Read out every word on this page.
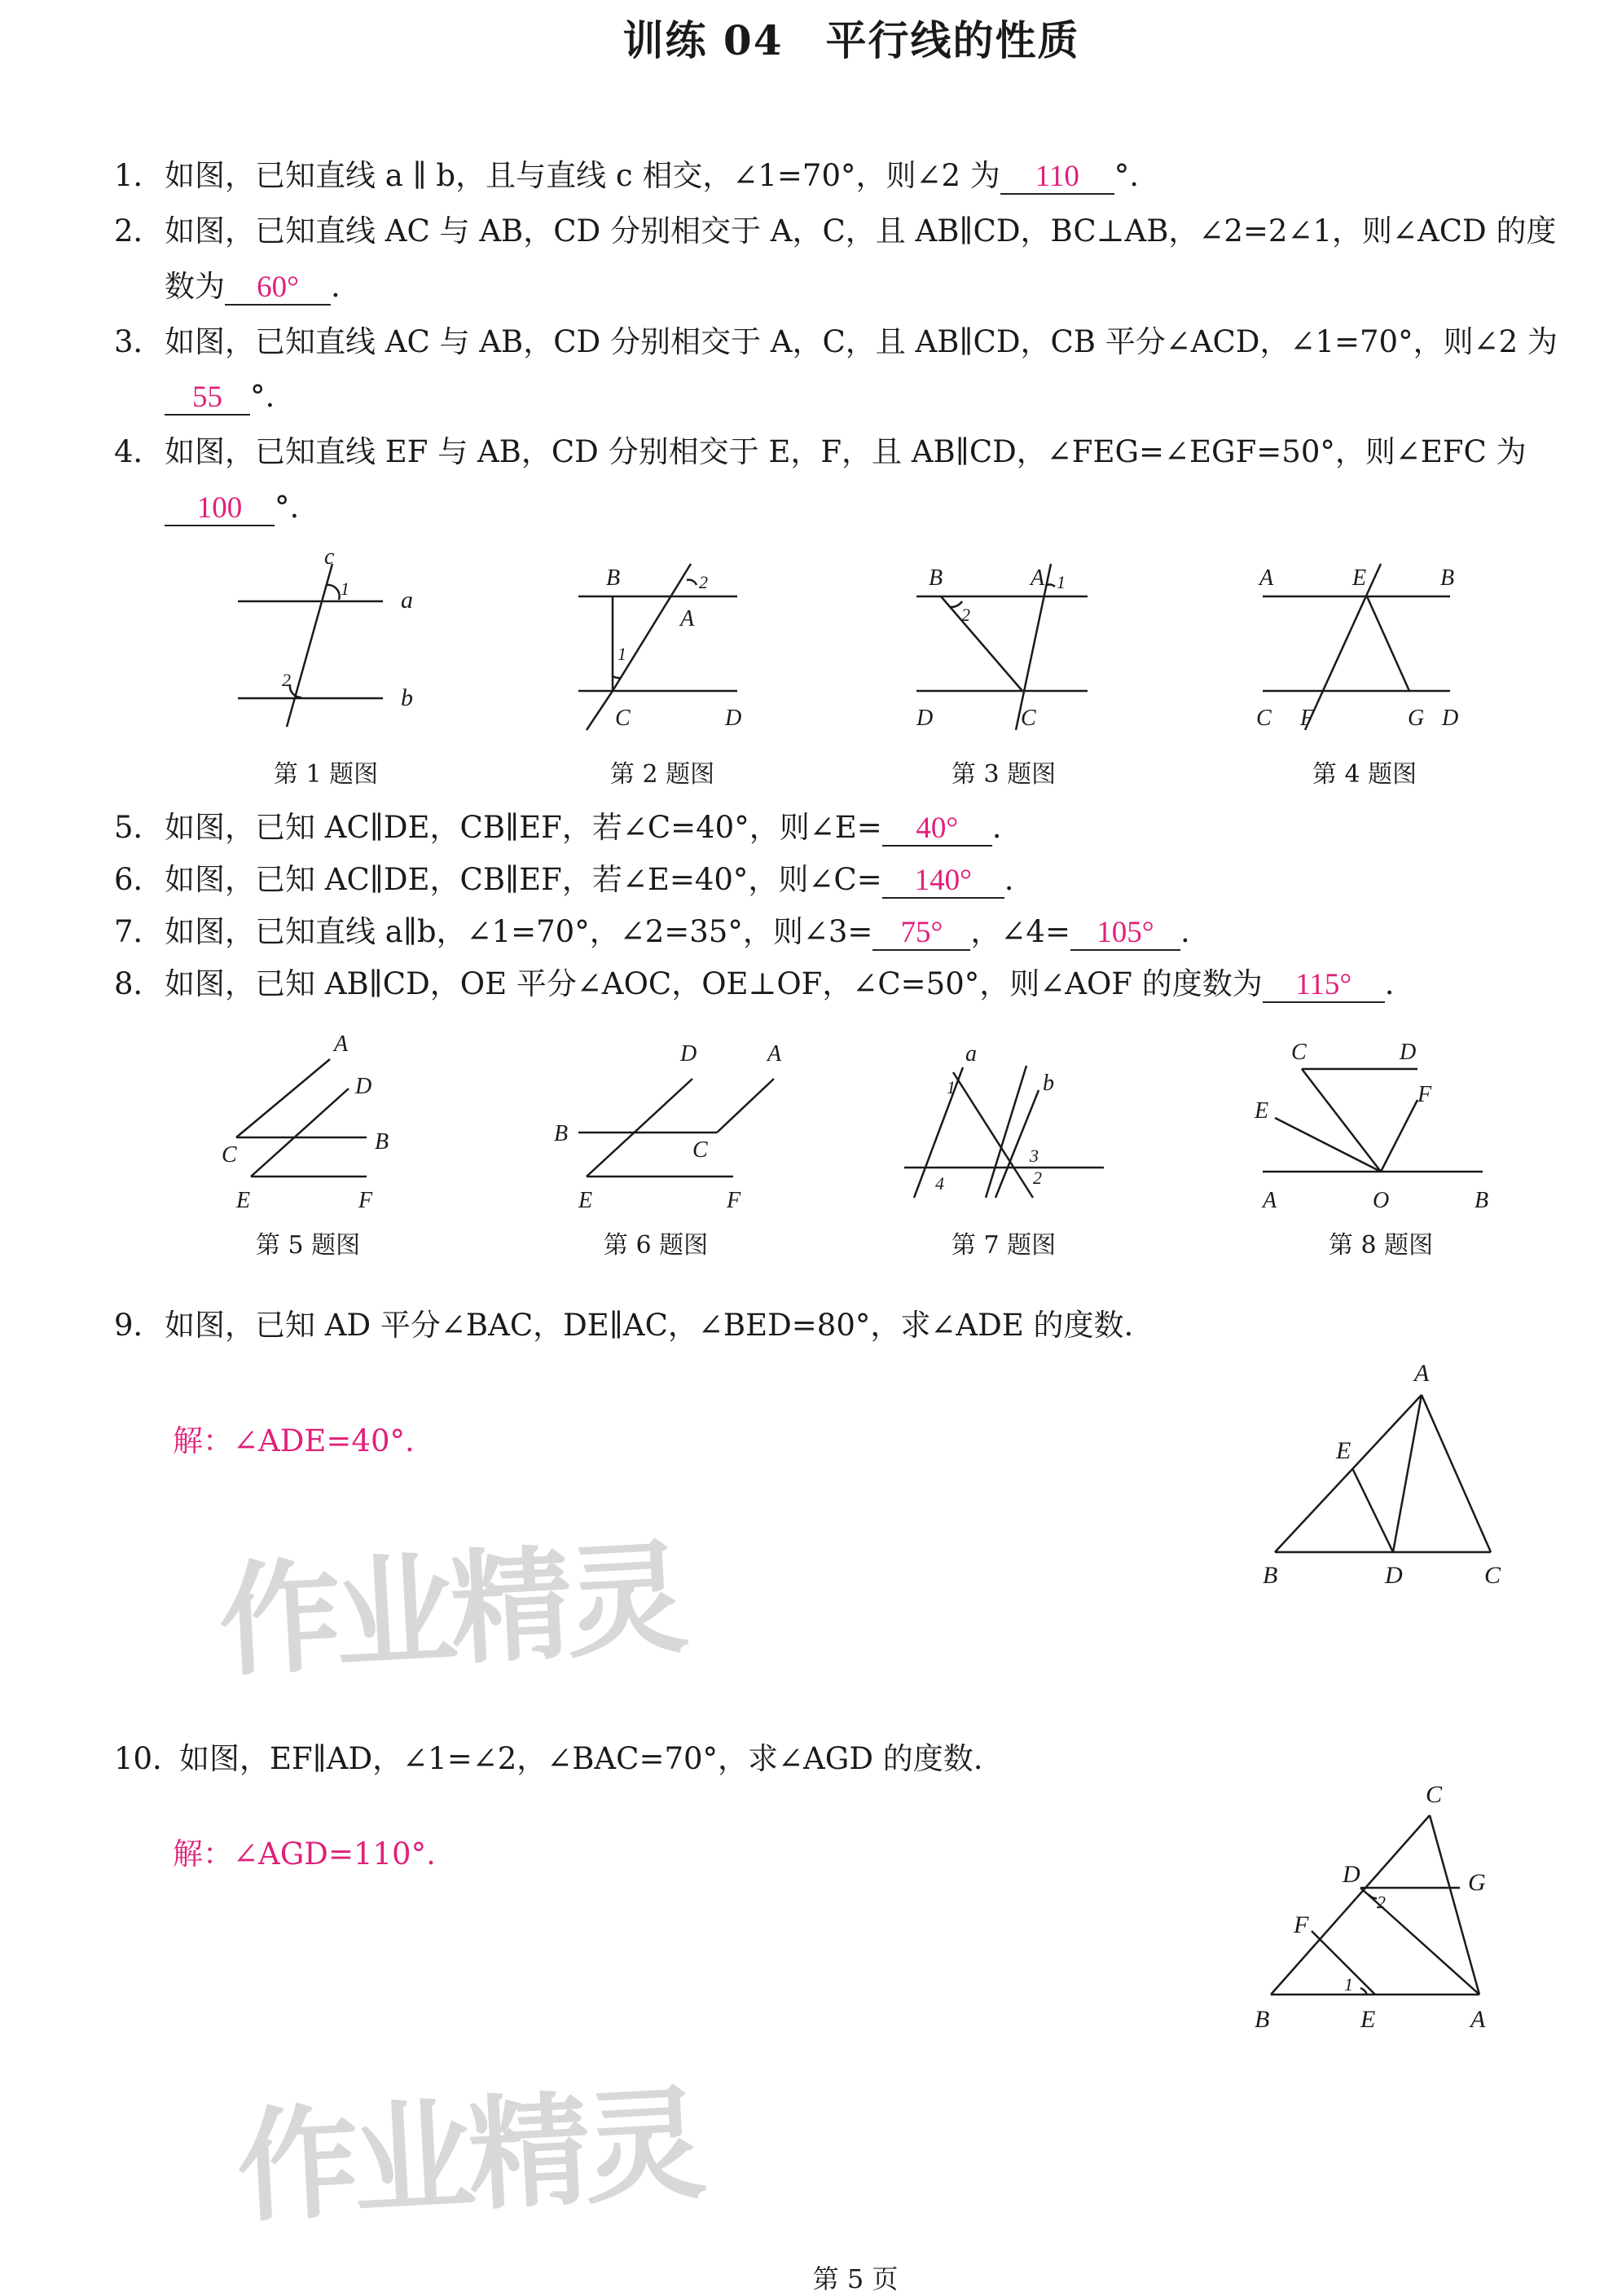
训练 04　平行线的性质
1．如图，已知直线 a ∥ b，且与直线 c 相交，∠1=70°，则∠2 为 110 °.
2．如图，已知直线 AC 与 AB，CD 分别相交于 A，C，且 AB∥CD，BC⊥AB，∠2=2∠1，则∠ACD 的度
数为 60° .
3．如图，已知直线 AC 与 AB，CD 分别相交于 A，C，且 AB∥CD，CB 平分∠ACD，∠1=70°，则∠2 为
55 °.
4．如图，已知直线 EF 与 AB，CD 分别相交于 E，F，且 AB∥CD，∠FEG=∠EGF=50°，则∠EFC 为
100 °.
c
1 a
2
b
B	2
A
1
C	D
B	A 1
2
D	C
A	E	B
C F	G D
第 1 题图	第 2 题图	第 3 题图	第 4 题图
5．如图，已知 AC∥DE，CB∥EF，若∠C=40°，则∠E= 40° .
6．如图，已知 AC∥DE，CB∥EF，若∠E=40°，则∠C= 140° .
7．如图，已知直线 a∥b，∠1=70°，∠2=35°，则∠3= 75° ，∠4= 105° .
8．如图，已知 AB∥CD，OE 平分∠AOC，OE⊥OF，∠C=50°，则∠AOF 的度数为 115° .
A
D
B
C
E	F
D	A
B
C
E	F
a
b
1
3
2
4
C	D
E
F
A	O	B
第 5 题图	第 6 题图	第 7 题图	第 8 题图
9．如图，已知 AD 平分∠BAC，DE∥AC，∠BED=80°，求∠ADE 的度数.
解：∠ADE=40°.
A
E
B	D	C
作业精灵
10．如图，EF∥AD，∠1=∠2，∠BAC=70°，求∠AGD 的度数.
解：∠AGD=110°.
C
D	G
2
F
1
B	E	A
作业精灵
第 5 页
